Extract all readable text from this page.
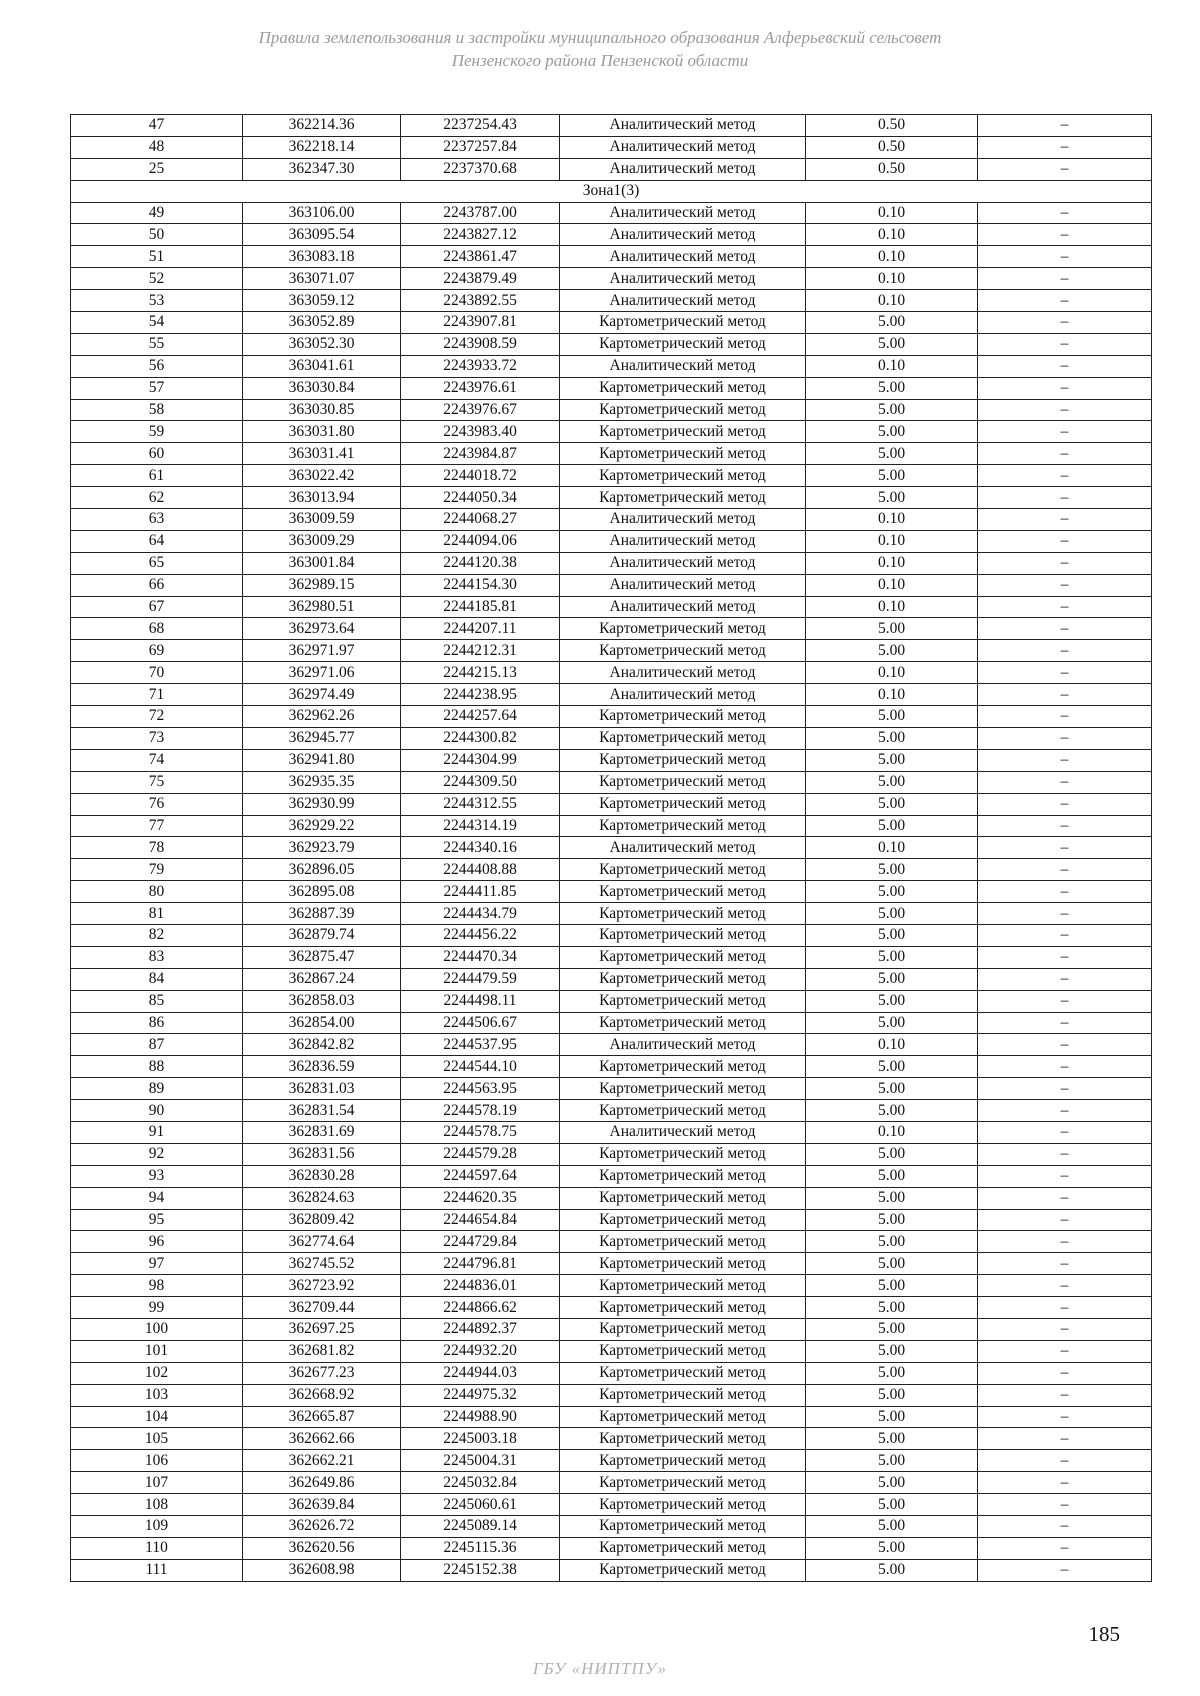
Правила землепользования и застройки муниципального образования Алферьевский сельсовет
Пензенского района Пензенской области
47	362214.36	2237254.43	Аналитический метод	0.50	–
48	362218.14	2237257.84	Аналитический метод	0.50	–
25	362347.30	2237370.68	Аналитический метод	0.50	–
Зона1(3)					
49	363106.00	2243787.00	Аналитический метод	0.10	–
50	363095.54	2243827.12	Аналитический метод	0.10	–
51	363083.18	2243861.47	Аналитический метод	0.10	–
52	363071.07	2243879.49	Аналитический метод	0.10	–
53	363059.12	2243892.55	Аналитический метод	0.10	–
54	363052.89	2243907.81	Картометрический метод	5.00	–
55	363052.30	2243908.59	Картометрический метод	5.00	–
56	363041.61	2243933.72	Аналитический метод	0.10	–
57	363030.84	2243976.61	Картометрический метод	5.00	–
58	363030.85	2243976.67	Картометрический метод	5.00	–
59	363031.80	2243983.40	Картометрический метод	5.00	–
60	363031.41	2243984.87	Картометрический метод	5.00	–
61	363022.42	2244018.72	Картометрический метод	5.00	–
62	363013.94	2244050.34	Картометрический метод	5.00	–
63	363009.59	2244068.27	Аналитический метод	0.10	–
64	363009.29	2244094.06	Аналитический метод	0.10	–
65	363001.84	2244120.38	Аналитический метод	0.10	–
66	362989.15	2244154.30	Аналитический метод	0.10	–
67	362980.51	2244185.81	Аналитический метод	0.10	–
68	362973.64	2244207.11	Картометрический метод	5.00	–
69	362971.97	2244212.31	Картометрический метод	5.00	–
70	362971.06	2244215.13	Аналитический метод	0.10	–
71	362974.49	2244238.95	Аналитический метод	0.10	–
72	362962.26	2244257.64	Картометрический метод	5.00	–
73	362945.77	2244300.82	Картометрический метод	5.00	–
74	362941.80	2244304.99	Картометрический метод	5.00	–
75	362935.35	2244309.50	Картометрический метод	5.00	–
76	362930.99	2244312.55	Картометрический метод	5.00	–
77	362929.22	2244314.19	Картометрический метод	5.00	–
78	362923.79	2244340.16	Аналитический метод	0.10	–
79	362896.05	2244408.88	Картометрический метод	5.00	–
80	362895.08	2244411.85	Картометрический метод	5.00	–
81	362887.39	2244434.79	Картометрический метод	5.00	–
82	362879.74	2244456.22	Картометрический метод	5.00	–
83	362875.47	2244470.34	Картометрический метод	5.00	–
84	362867.24	2244479.59	Картометрический метод	5.00	–
85	362858.03	2244498.11	Картометрический метод	5.00	–
86	362854.00	2244506.67	Картометрический метод	5.00	–
87	362842.82	2244537.95	Аналитический метод	0.10	–
88	362836.59	2244544.10	Картометрический метод	5.00	–
89	362831.03	2244563.95	Картометрический метод	5.00	–
90	362831.54	2244578.19	Картометрический метод	5.00	–
91	362831.69	2244578.75	Аналитический метод	0.10	–
92	362831.56	2244579.28	Картометрический метод	5.00	–
93	362830.28	2244597.64	Картометрический метод	5.00	–
94	362824.63	2244620.35	Картометрический метод	5.00	–
95	362809.42	2244654.84	Картометрический метод	5.00	–
96	362774.64	2244729.84	Картометрический метод	5.00	–
97	362745.52	2244796.81	Картометрический метод	5.00	–
98	362723.92	2244836.01	Картометрический метод	5.00	–
99	362709.44	2244866.62	Картометрический метод	5.00	–
100	362697.25	2244892.37	Картометрический метод	5.00	–
101	362681.82	2244932.20	Картометрический метод	5.00	–
102	362677.23	2244944.03	Картометрический метод	5.00	–
103	362668.92	2244975.32	Картометрический метод	5.00	–
104	362665.87	2244988.90	Картометрический метод	5.00	–
105	362662.66	2245003.18	Картометрический метод	5.00	–
106	362662.21	2245004.31	Картометрический метод	5.00	–
107	362649.86	2245032.84	Картометрический метод	5.00	–
108	362639.84	2245060.61	Картометрический метод	5.00	–
109	362626.72	2245089.14	Картометрический метод	5.00	–
110	362620.56	2245115.36	Картометрический метод	5.00	–
111	362608.98	2245152.38	Картометрический метод	5.00	–
185
ГБУ «НИПТПУ»
